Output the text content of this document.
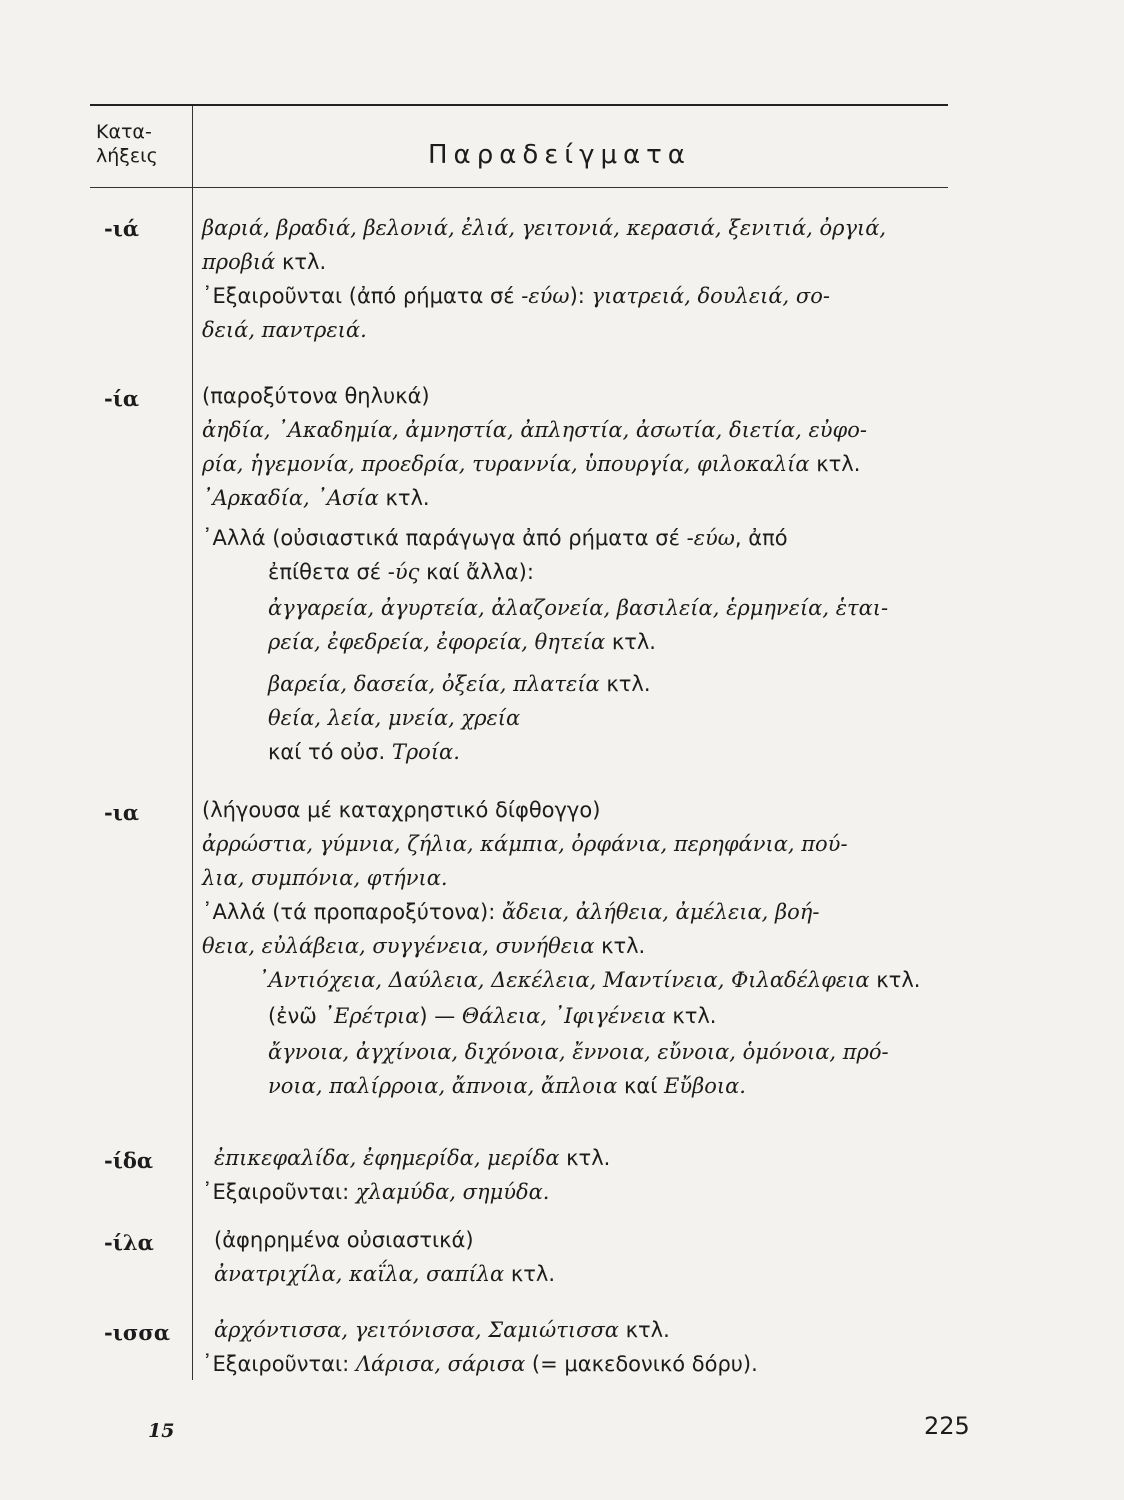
Κατα-
λήξεις	Παραδείγματα
-ιά
-ία
-ια
-ίδα
-ίλα
-ισσα
βαριά, βραδιά, βελονιά, ἐλιά, γειτονιά, κερασιά, ξενιτιά, ὀργιά,
προβιά κτλ.
᾿Εξαιροῦνται (ἀπό ρήματα σέ -εύω): γιατρειά, δουλειά, σο-
δειά, παντρειά.
(παροξύτονα θηλυκά)
ἀηδία, ᾿Ακαδημία, ἀμνηστία, ἀπληστία, ἀσωτία, διετία, εὐφο-
ρία, ἡγεμονία, προεδρία, τυραννία, ὑπουργία, φιλοκαλία κτλ.
᾿Αρκαδία, ᾿Ασία κτλ.
᾿Αλλά (οὐσιαστικά παράγωγα ἀπό ρήματα σέ -εύω, ἀπό
ἐπίθετα σέ -ύς καί ἄλλα):
ἀγγαρεία, ἀγυρτεία, ἀλαζονεία, βασιλεία, ἑρμηνεία, ἑται-
ρεία, ἐφεδρεία, ἐφορεία, θητεία κτλ.
βαρεία, δασεία, ὀξεία, πλατεία κτλ.
θεία, λεία, μνεία, χρεία
καί τό οὐσ. Τροία.
(λήγουσα μέ καταχρηστικό δίφθογγο)
ἀρρώστια, γύμνια, ζήλια, κάμπια, ὀρφάνια, περηφάνια, πού-
λια, συμπόνια, φτήνια.
᾿Αλλά (τά προπαροξύτονα): ἄδεια, ἀλήθεια, ἀμέλεια, βοή-
θεια, εὐλάβεια, συγγένεια, συνήθεια κτλ.
᾿Αντιόχεια, Δαύλεια, Δεκέλεια, Μαντίνεια, Φιλαδέλφεια κτλ.
(ἐνῶ ᾿Ερέτρια) — Θάλεια, ᾿Ιφιγένεια κτλ.
ἄγνοια, ἀγχίνοια, διχόνοια, ἔννοια, εὔνοια, ὁμόνοια, πρό-
νοια, παλίρροια, ἄπνοια, ἄπλοια καί Εὔβοια.
ἐπικεφαλίδα, ἐφημερίδα, μερίδα κτλ.
᾿Εξαιροῦνται: χλαμύδα, σημύδα.
(ἀφηρημένα οὐσιαστικά)
ἀνατριχίλα, καΐλα, σαπίλα κτλ.
ἀρχόντισσα, γειτόνισσα, Σαμιώτισσα κτλ.
᾿Εξαιροῦνται: Λάρισα, σάρισα (= μακεδονικό δόρυ).
15	225
